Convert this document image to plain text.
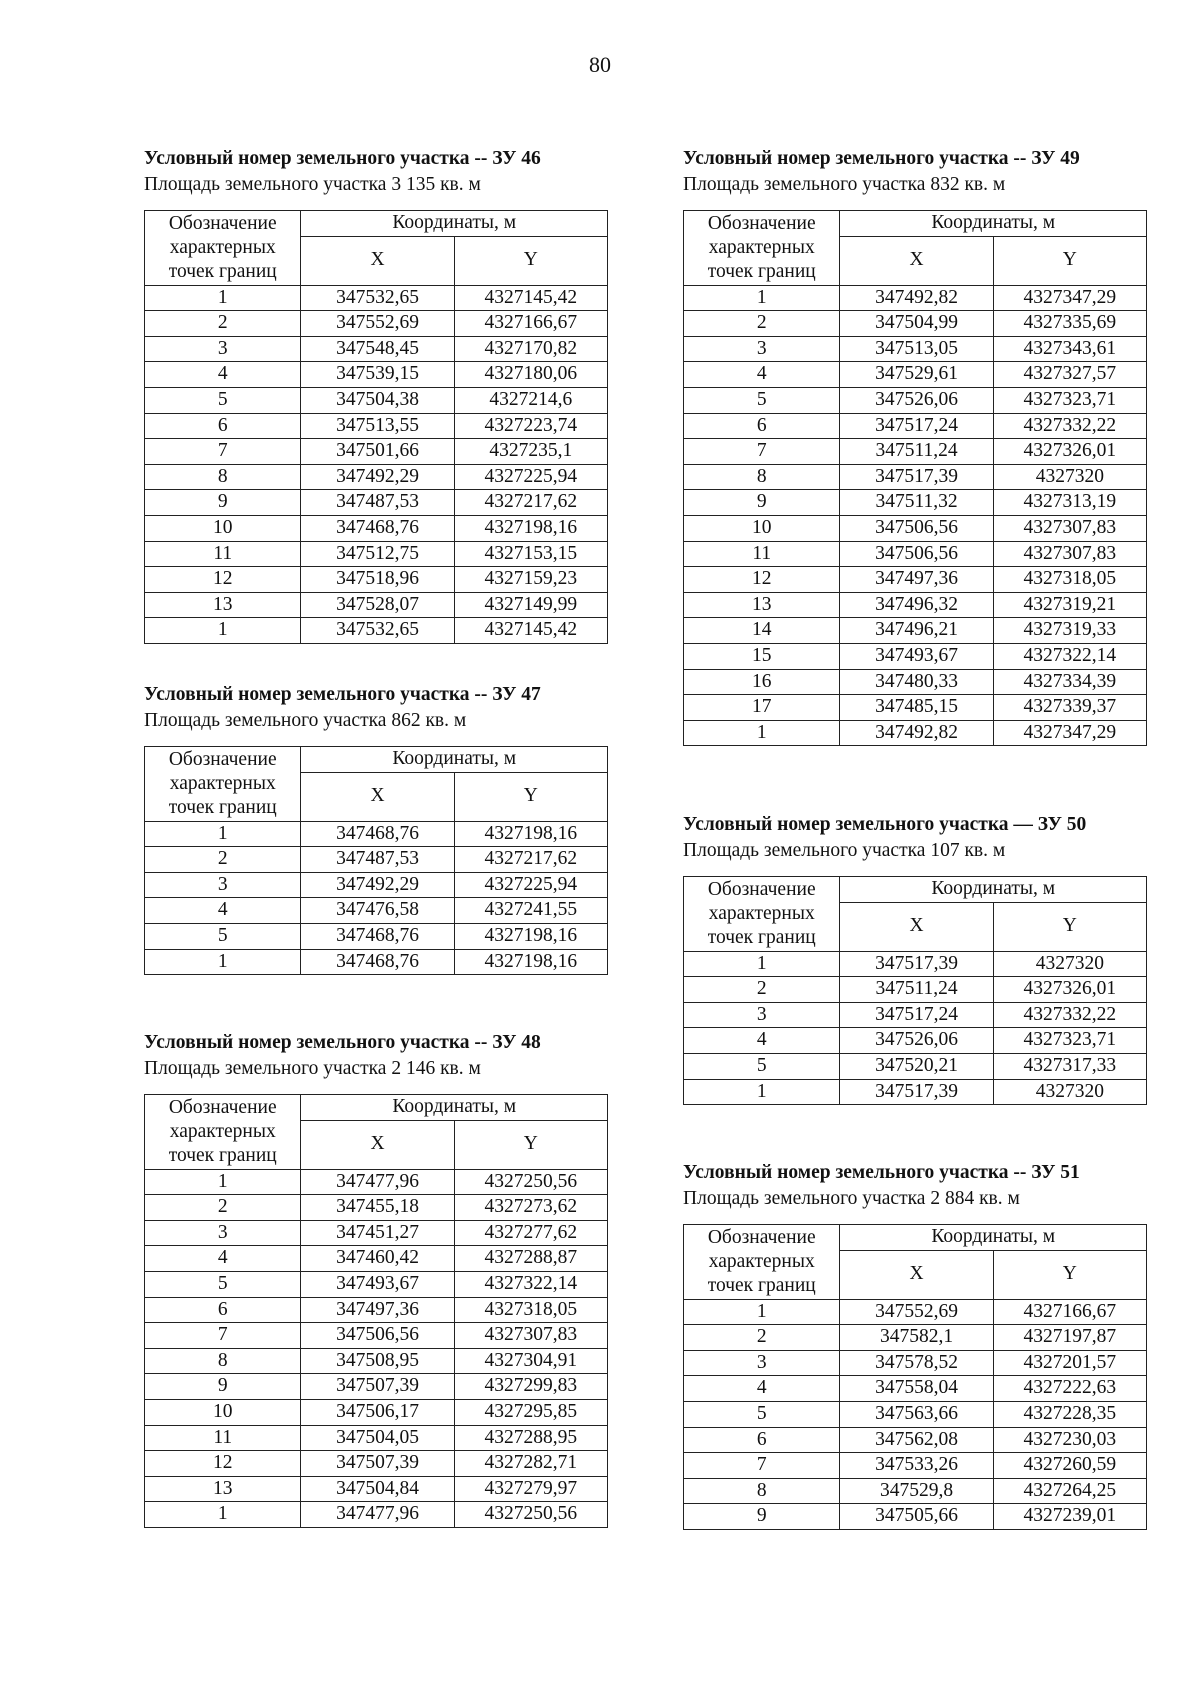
80
Условный номер земельного участка -- ЗУ 46
Площадь земельного участка 3 135 кв. м
Обозначение
характерных
точек границ	Координаты, м	
	X	Y
1	347532,65	4327145,42
2	347552,69	4327166,67
3	347548,45	4327170,82
4	347539,15	4327180,06
5	347504,38	4327214,6
6	347513,55	4327223,74
7	347501,66	4327235,1
8	347492,29	4327225,94
9	347487,53	4327217,62
10	347468,76	4327198,16
11	347512,75	4327153,15
12	347518,96	4327159,23
13	347528,07	4327149,99
1	347532,65	4327145,42
Условный номер земельного участка -- ЗУ 47
Площадь земельного участка 862 кв. м
Обозначение
характерных
точек границ	Координаты, м	
	X	Y
1	347468,76	4327198,16
2	347487,53	4327217,62
3	347492,29	4327225,94
4	347476,58	4327241,55
5	347468,76	4327198,16
1	347468,76	4327198,16
Условный номер земельного участка -- ЗУ 48
Площадь земельного участка 2 146 кв. м
Обозначение
характерных
точек границ	Координаты, м	
	X	Y
1	347477,96	4327250,56
2	347455,18	4327273,62
3	347451,27	4327277,62
4	347460,42	4327288,87
5	347493,67	4327322,14
6	347497,36	4327318,05
7	347506,56	4327307,83
8	347508,95	4327304,91
9	347507,39	4327299,83
10	347506,17	4327295,85
11	347504,05	4327288,95
12	347507,39	4327282,71
13	347504,84	4327279,97
1	347477,96	4327250,56
Условный номер земельного участка -- ЗУ 49
Площадь земельного участка 832 кв. м
Обозначение
характерных
точек границ	Координаты, м	
	X	Y
1	347492,82	4327347,29
2	347504,99	4327335,69
3	347513,05	4327343,61
4	347529,61	4327327,57
5	347526,06	4327323,71
6	347517,24	4327332,22
7	347511,24	4327326,01
8	347517,39	4327320
9	347511,32	4327313,19
10	347506,56	4327307,83
11	347506,56	4327307,83
12	347497,36	4327318,05
13	347496,32	4327319,21
14	347496,21	4327319,33
15	347493,67	4327322,14
16	347480,33	4327334,39
17	347485,15	4327339,37
1	347492,82	4327347,29
Условный номер земельного участка — ЗУ 50
Площадь земельного участка 107 кв. м
Обозначение
характерных
точек границ	Координаты, м	
	X	Y
1	347517,39	4327320
2	347511,24	4327326,01
3	347517,24	4327332,22
4	347526,06	4327323,71
5	347520,21	4327317,33
1	347517,39	4327320
Условный номер земельного участка -- ЗУ 51
Площадь земельного участка 2 884 кв. м
Обозначение
характерных
точек границ	Координаты, м	
	X	Y
1	347552,69	4327166,67
2	347582,1	4327197,87
3	347578,52	4327201,57
4	347558,04	4327222,63
5	347563,66	4327228,35
6	347562,08	4327230,03
7	347533,26	4327260,59
8	347529,8	4327264,25
9	347505,66	4327239,01
